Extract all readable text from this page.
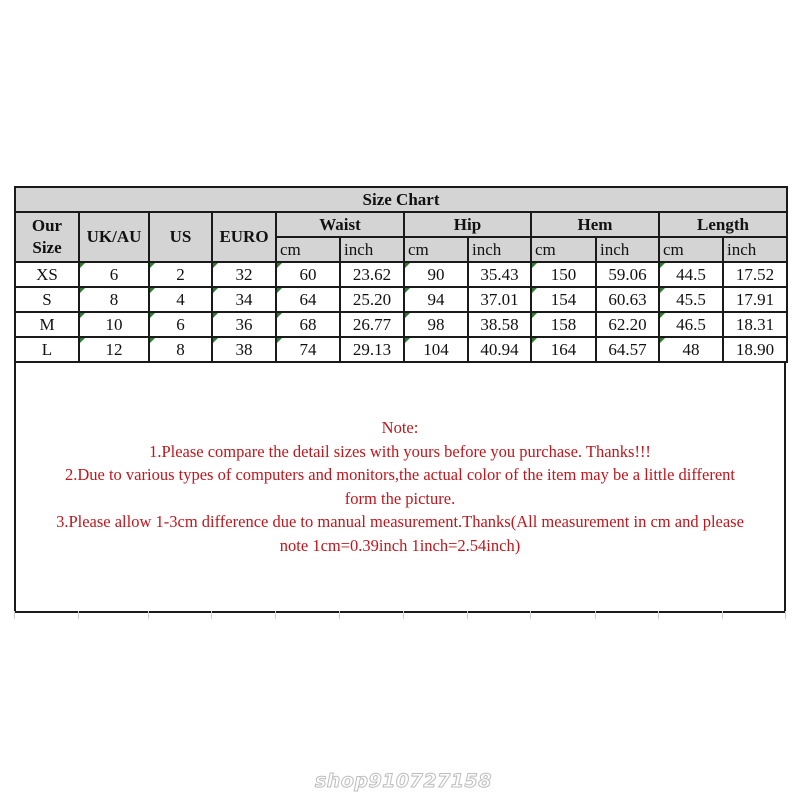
Size Chart											
Our Size	UK/AU	US	EURO	Waist		Hip		Hem		Length	
				cm	inch	cm	inch	cm	inch	cm	inch
XS	6	2	32	60	23.62	90	35.43	150	59.06	44.5	17.52
S	8	4	34	64	25.20	94	37.01	154	60.63	45.5	17.91
M	10	6	36	68	26.77	98	38.58	158	62.20	46.5	18.31
L	12	8	38	74	29.13	104	40.94	164	64.57	48	18.90
Note:
1.Please compare the detail sizes with yours before you purchase. Thanks!!!
2.Due to various types of computers and monitors,the actual color of the item may be a little different
form the picture.
3.Please allow 1-3cm difference due to manual measurement.Thanks(All measurement in cm and please
note 1cm=0.39inch 1inch=2.54inch)
shop910727158
